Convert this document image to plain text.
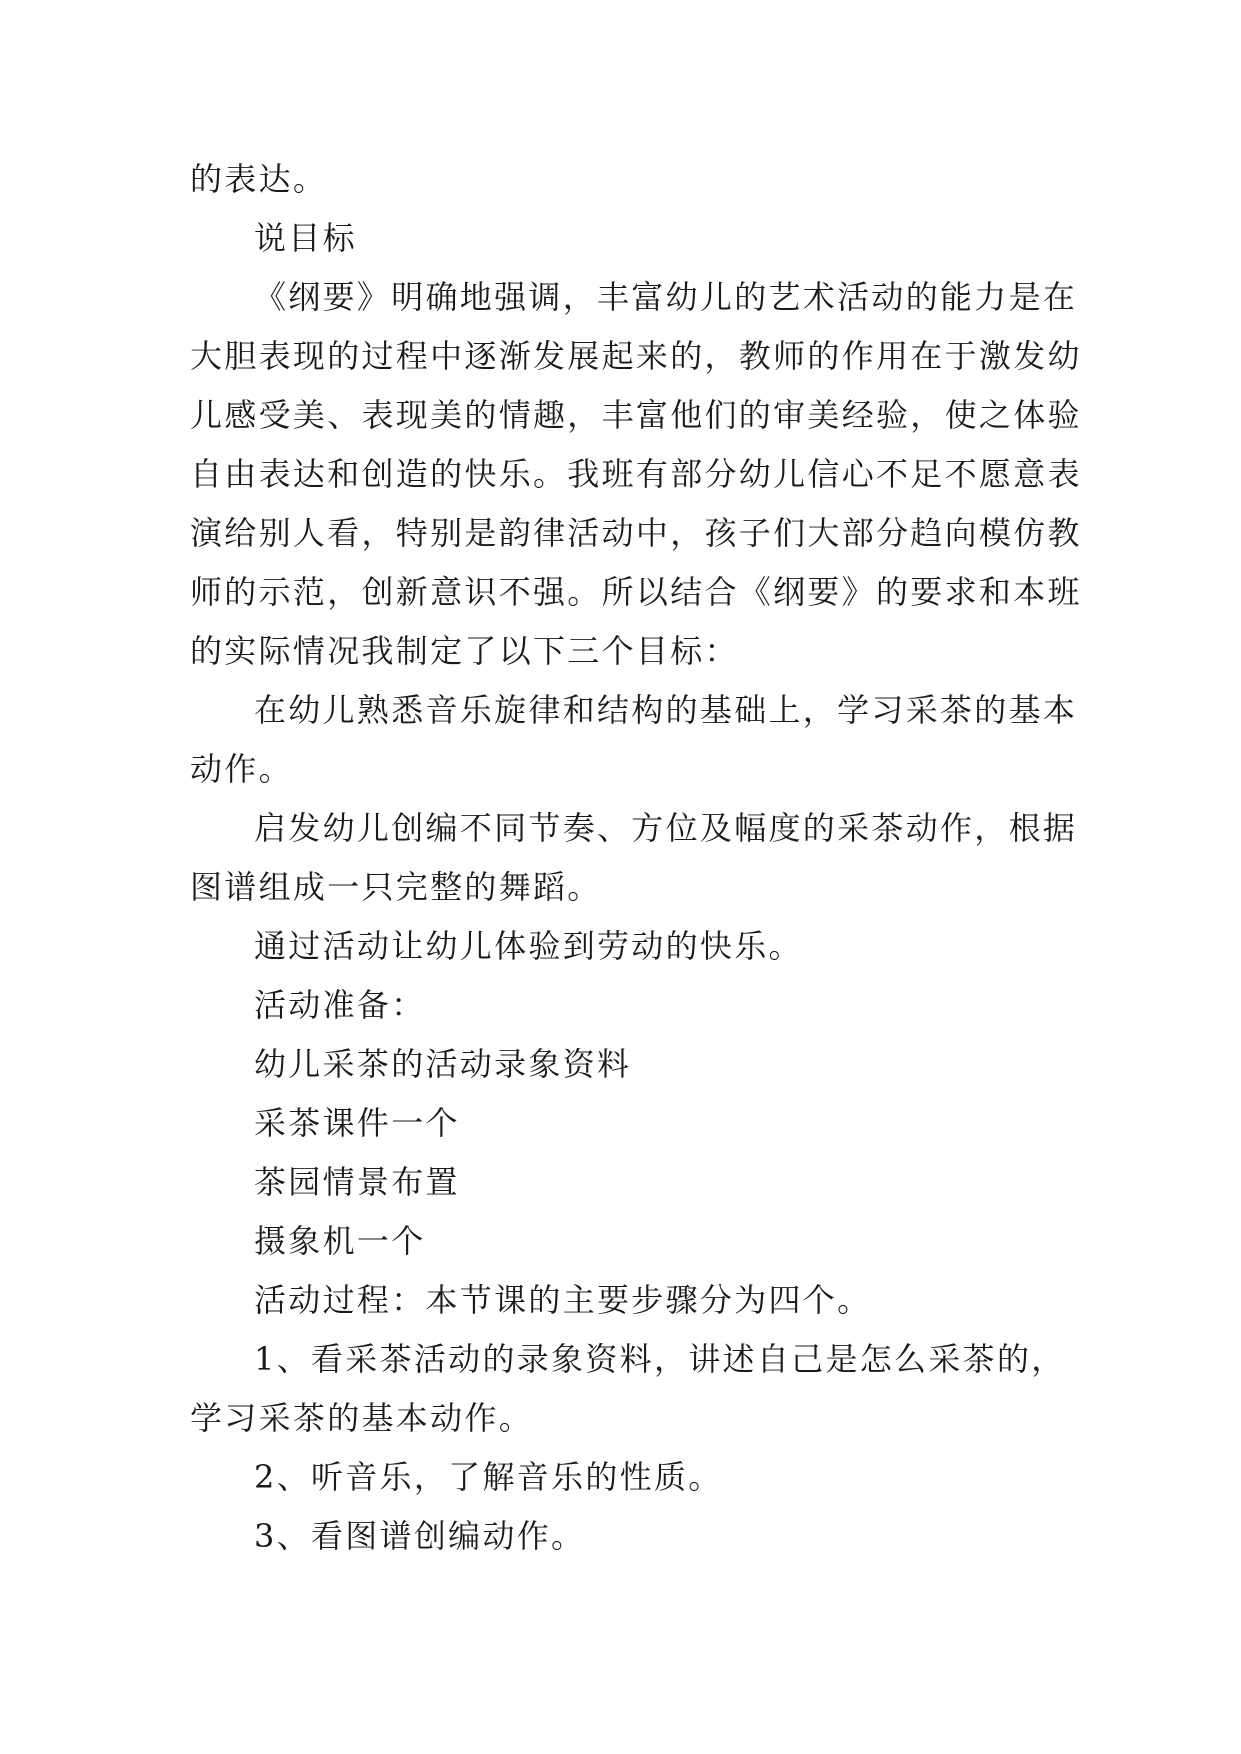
的表达。

说目标

《纲要》明确地强调，丰富幼儿的艺术活动的能力是在
大胆表现的过程中逐渐发展起来的，教师的作用在于激发幼
儿感受美、表现美的情趣，丰富他们的审美经验，使之体验
自由表达和创造的快乐。我班有部分幼儿信心不足不愿意表
演给别人看，特别是韵律活动中，孩子们大部分趋向模仿教
师的示范，创新意识不强。所以结合《纲要》的要求和本班
的实际情况我制定了以下三个目标：

在幼儿熟悉音乐旋律和结构的基础上，学习采茶的基本
动作。

启发幼儿创编不同节奏、方位及幅度的采茶动作，根据
图谱组成一只完整的舞蹈。

通过活动让幼儿体验到劳动的快乐。

活动准备：

幼儿采茶的活动录象资料

采茶课件一个

茶园情景布置

摄象机一个

活动过程：本节课的主要步骤分为四个。

1、看采茶活动的录象资料，讲述自己是怎么采茶的，
学习采茶的基本动作。

2、听音乐，了解音乐的性质。

3、看图谱创编动作。
